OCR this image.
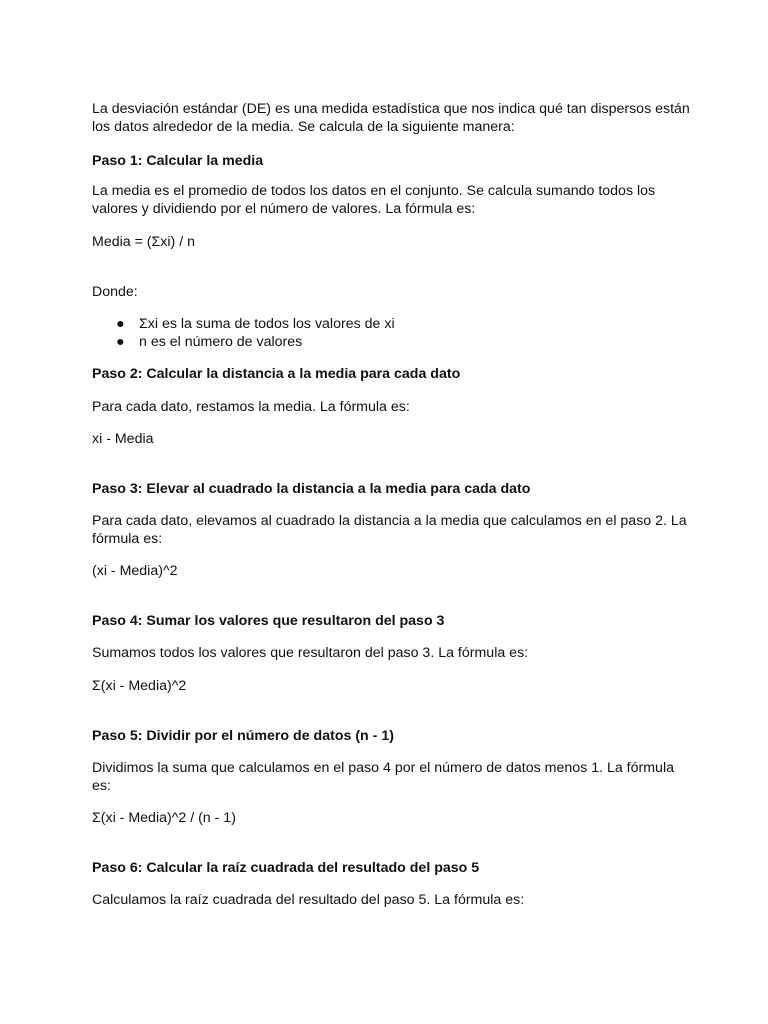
La desviación estándar (DE) es una medida estadística que nos indica qué tan dispersos están los datos alrededor de la media. Se calcula de la siguiente manera:

Paso 1: Calcular la media

La media es el promedio de todos los datos en el conjunto. Se calcula sumando todos los valores y dividiendo por el número de valores. La fórmula es:

Media = (Σxi) / n

Donde:

● Σxi es la suma de todos los valores de xi
● n es el número de valores

Paso 2: Calcular la distancia a la media para cada dato

Para cada dato, restamos la media. La fórmula es:

xi - Media

Paso 3: Elevar al cuadrado la distancia a la media para cada dato

Para cada dato, elevamos al cuadrado la distancia a la media que calculamos en el paso 2. La fórmula es:

(xi - Media)^2

Paso 4: Sumar los valores que resultaron del paso 3

Sumamos todos los valores que resultaron del paso 3. La fórmula es:

Σ(xi - Media)^2

Paso 5: Dividir por el número de datos (n - 1)

Dividimos la suma que calculamos en el paso 4 por el número de datos menos 1. La fórmula es:

Σ(xi - Media)^2 / (n - 1)

Paso 6: Calcular la raíz cuadrada del resultado del paso 5

Calculamos la raíz cuadrada del resultado del paso 5. La fórmula es:
